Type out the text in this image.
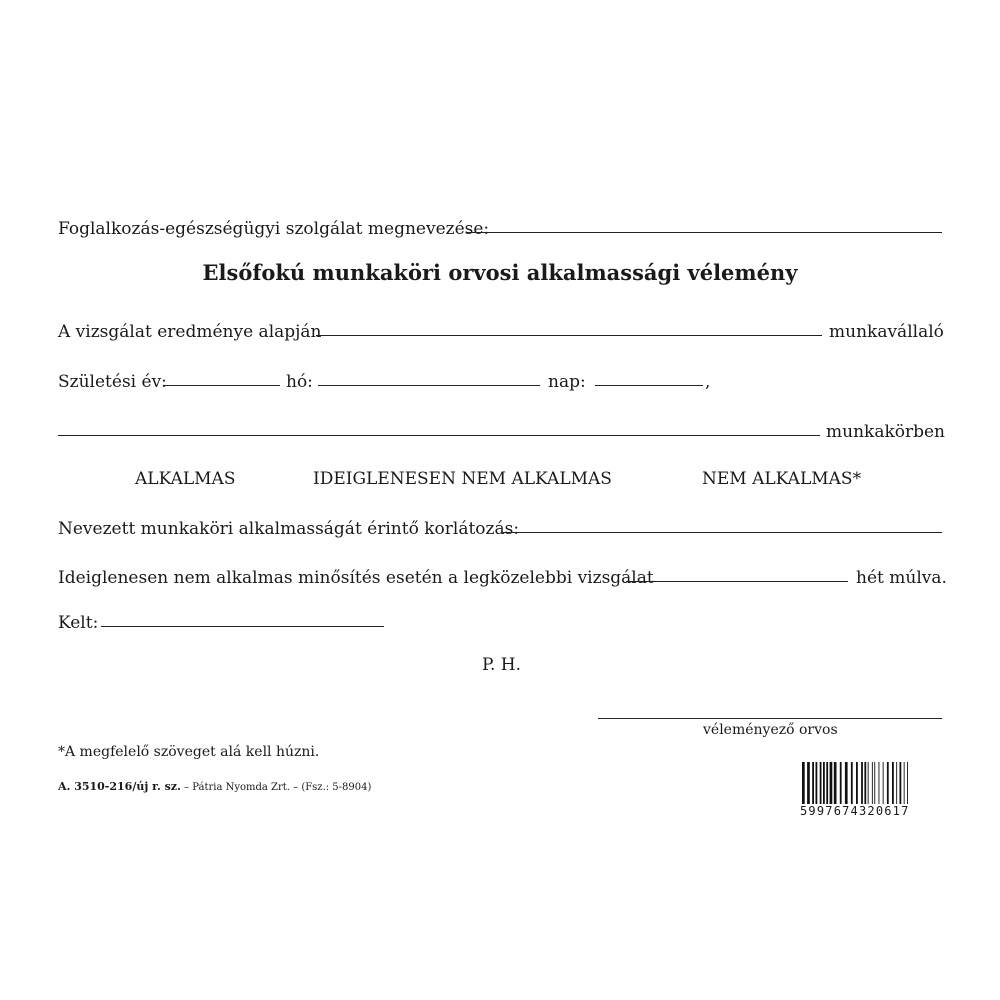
Foglalkozás-egészségügyi szolgálat megnevezése:
Elsőfokú munkaköri orvosi alkalmassági vélemény
A vizsgálat eredménye alapján	munkavállaló
Születési év:	hó:	nap:	,
munkakörben
ALKALMAS	IDEIGLENESEN NEM ALKALMAS	NEM ALKALMAS*
Nevezett munkaköri alkalmasságát érintő korlátozás:
Ideiglenesen nem alkalmas minősítés esetén a legközelebbi vizsgálat	hét múlva.
Kelt:
P. H.
véleményező orvos
*A megfelelő szöveget alá kell húzni.
A. 3510-216/új r. sz. – Pátria Nyomda Zrt. – (Fsz.: 5-8904)
5997674320617
